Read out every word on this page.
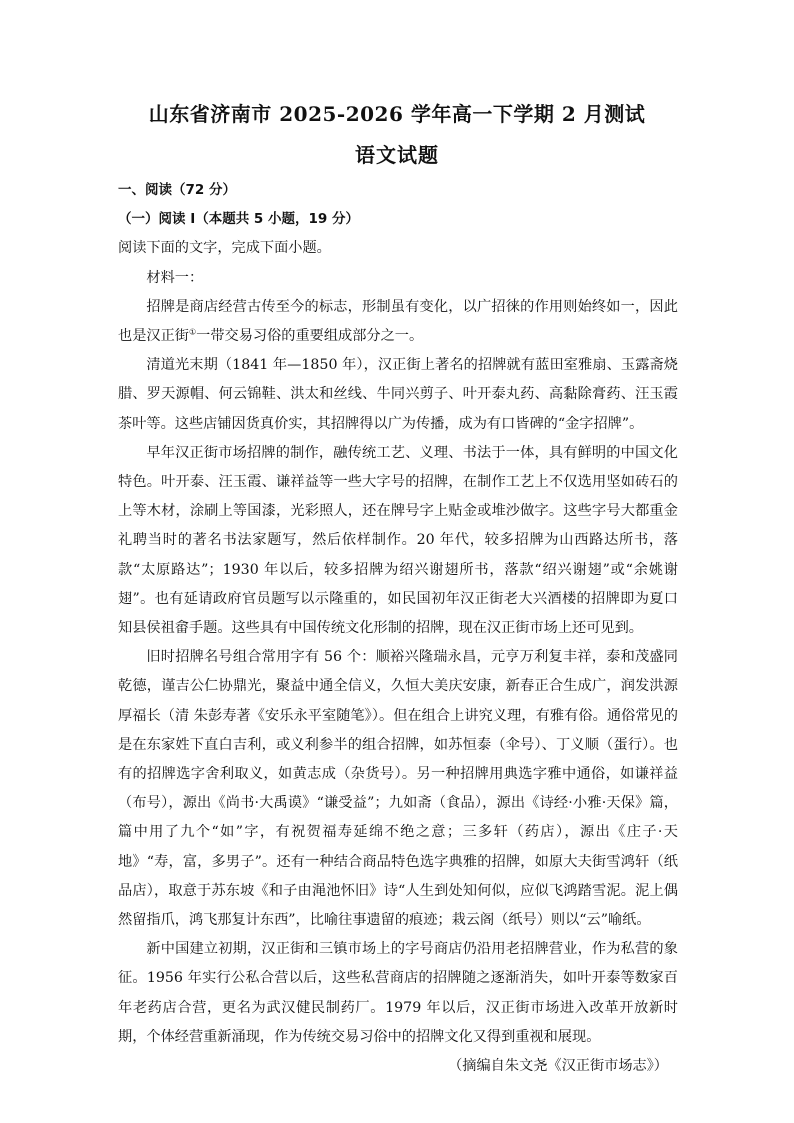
山东省济南市 2025-2026 学年高一下学期 2 月测试
语文试题

一、阅读（72 分）

（一）阅读 I（本题共 5 小题，19 分）

阅读下面的文字，完成下面小题。

材料一：

招牌是商店经营古传至今的标志，形制虽有变化，以广招徕的作用则始终如一，因此也是汉正街①一带交易习俗的重要组成部分之一。

清道光末期（1841 年—1850 年），汉正街上著名的招牌就有蓝田室雅扇、玉露斋烧腊、罗天源帽、何云锦鞋、洪太和丝线、牛同兴剪子、叶开泰丸药、高黏除膏药、汪玉霞茶叶等。这些店铺因货真价实，其招牌得以广为传播，成为有口皆碑的“金字招牌”。

早年汉正街市场招牌的制作，融传统工艺、义理、书法于一体，具有鲜明的中国文化特色。叶开泰、汪玉霞、谦祥益等一些大字号的招牌，在制作工艺上不仅选用坚如砖石的上等木材，涂刷上等国漆，光彩照人，还在牌号字上贴金或堆沙做字。这些字号大都重金礼聘当时的著名书法家题写，然后依样制作。20 年代，较多招牌为山西路达所书，落款“太原路达”；1930 年以后，较多招牌为绍兴谢翅所书，落款“绍兴谢翅”或“余姚谢翅”。也有延请政府官员题写以示隆重的，如民国初年汉正街老大兴酒楼的招牌即为夏口知县侯祖畲手题。这些具有中国传统文化形制的招牌，现在汉正街市场上还可见到。

旧时招牌名号组合常用字有 56 个：顺裕兴隆瑞永昌，元亨万利复丰祥，泰和茂盛同乾德，谨吉公仁协鼎光，聚益中通全信义，久恒大美庆安康，新春正合生成广，润发洪源厚福长（清 朱彭寿著《安乐永平室随笔》）。但在组合上讲究义理，有雅有俗。通俗常见的是在东家姓下直白吉利，或义利参半的组合招牌，如苏恒泰（伞号）、丁义顺（蛋行）。也有的招牌选字舍利取义，如黄志成（杂货号）。另一种招牌用典选字雅中通俗，如谦祥益（布号），源出《尚书·大禹谟》“谦受益”；九如斋（食品），源出《诗经·小雅·天保》篇，篇中用了九个“如”字，有祝贺福寿延绵不绝之意；三多轩（药店），源出《庄子·天地》“寿，富，多男子”。还有一种结合商品特色选字典雅的招牌，如原大夫街雪鸿轩（纸品店），取意于苏东坡《和子由渑池怀旧》诗“人生到处知何似，应似飞鸿踏雪泥。泥上偶然留指爪，鸿飞那复计东西”，比喻往事遗留的痕迹；栽云阁（纸号）则以“云”喻纸。

新中国建立初期，汉正街和三镇市场上的字号商店仍沿用老招牌营业，作为私营的象征。1956 年实行公私合营以后，这些私营商店的招牌随之逐渐消失，如叶开泰等数家百年老药店合营，更名为武汉健民制药厂。1979 年以后，汉正街市场进入改革开放新时期，个体经营重新涌现，作为传统交易习俗中的招牌文化又得到重视和展现。

（摘编自朱文尧《汉正街市场志》）
